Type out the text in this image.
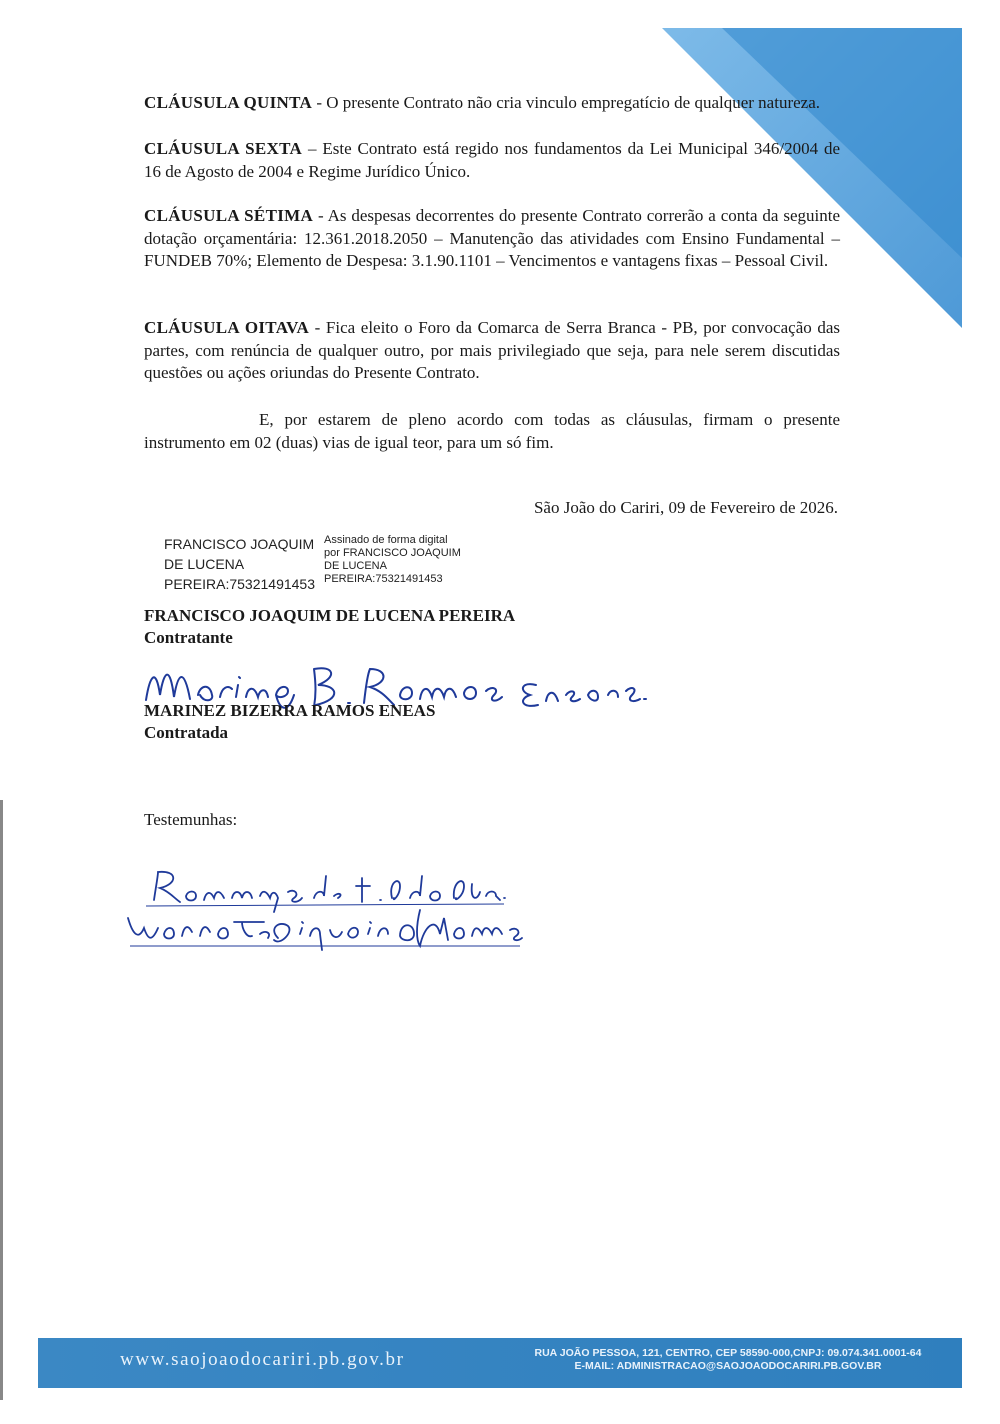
CLÁUSULA QUINTA - O presente Contrato não cria vinculo empregatício de qualquer natureza.

CLÁUSULA SEXTA – Este Contrato está regido nos fundamentos da Lei Municipal 346/2004 de 16 de Agosto de 2004 e Regime Jurídico Único.

CLÁUSULA SÉTIMA - As despesas decorrentes do presente Contrato correrão a conta da seguinte dotação orçamentária: 12.361.2018.2050 – Manutenção das atividades com Ensino Fundamental – FUNDEB 70%; Elemento de Despesa: 3.1.90.1101 – Vencimentos e vantagens fixas – Pessoal Civil.

CLÁUSULA OITAVA - Fica eleito o Foro da Comarca de Serra Branca - PB, por convocação das partes, com renúncia de qualquer outro, por mais privilegiado que seja, para nele serem discutidas questões ou ações oriundas do Presente Contrato.

E, por estarem de pleno acordo com todas as cláusulas, firmam o presente instrumento em 02 (duas) vias de igual teor, para um só fim.

São João do Cariri, 09 de Fevereiro de 2026.
FRANCISCO JOAQUIM
DE LUCENA
PEREIRA:75321491453
Assinado de forma digital
por FRANCISCO JOAQUIM
DE LUCENA
PEREIRA:75321491453
FRANCISCO JOAQUIM DE LUCENA PEREIRA
Contratante
MARINEZ BIZERRA RAMOS ENEAS
Contratada
Testemunhas:
www.saojoaodocariri.pb.gov.br	RUA JOÃO PESSOA, 121, CENTRO, CEP 58590-000,CNPJ: 09.074.341.0001-64
E-MAIL: ADMINISTRACAO@SAOJOAODOCARIRI.PB.GOV.BR
